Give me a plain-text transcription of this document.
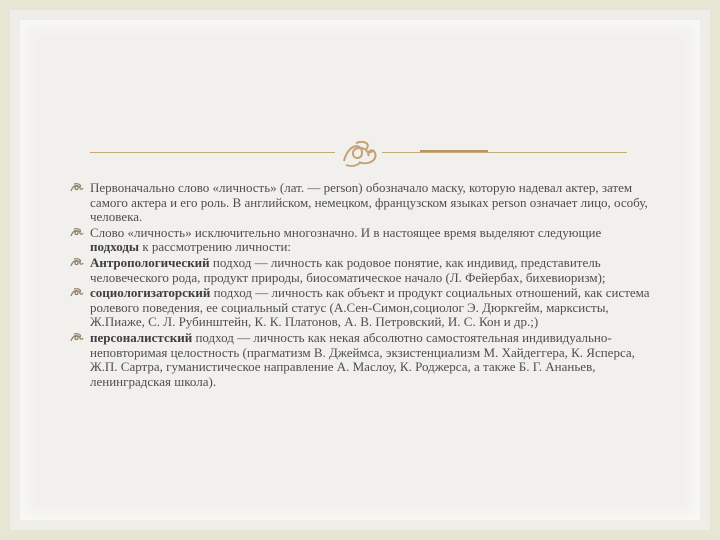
Первоначально слово «личность» (лат. — person) обозначало маску, которую надевал актер, затем самого актера и его роль. В английском, немецком, французском языках person означает лицо, особу, человека.
Слово «личность» исключительно многозначно. И в настоящее время выделяют следующие подходы к рассмотрению личности:
Антропологический подход — личность как родовое понятие, как индивид, представитель человеческого рода, продукт природы, биосоматическое начало (Л. Фейербах, бихевиоризм);
социологизаторский подход — личность как объект и продукт социальных отношений, как система ролевого поведения, ее социальный статус (А.Сен-Симон,социолог Э. Дюркгейм, марксисты, Ж.Пиаже, С. Л. Рубинштейн, К. К. Платонов, А. В. Петровский, И. С. Кон и др.;)
персоналистский подход — личность как некая абсолютно самостоятельная индивидуально-неповторимая целостность (прагматизм В. Джеймса, экзистенциализм М. Хайдеггера, К. Ясперса, Ж.П. Сартра, гуманистическое направление А. Маслоу, К. Роджерса, а также Б. Г. Ананьев, ленинградская школа).
